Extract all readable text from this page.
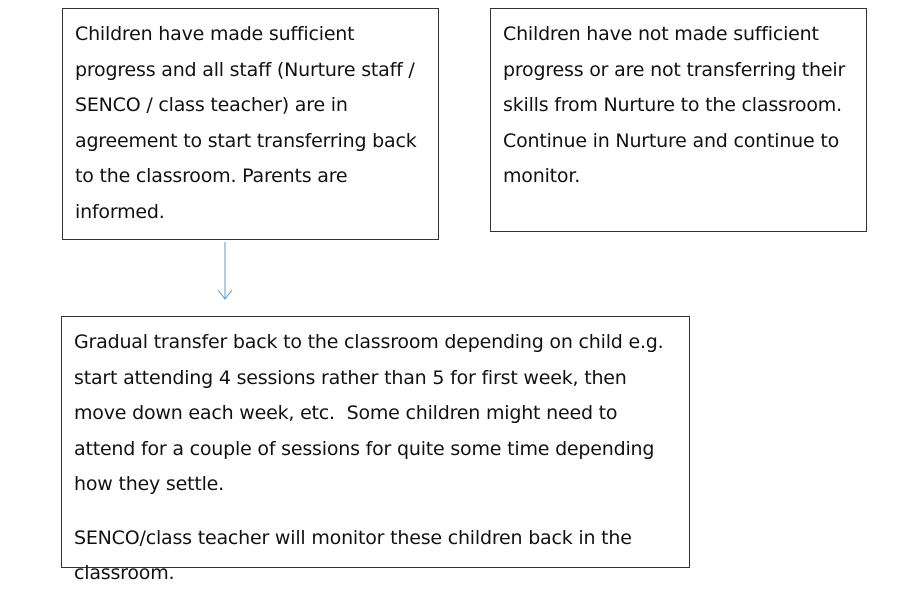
Children have made sufficient progress and all staff (Nurture staff / SENCO / class teacher) are in agreement to start transferring back to the classroom. Parents are informed.

Children have not made sufficient progress or are not transferring their skills from Nurture to the classroom. Continue in Nurture and continue to monitor.

Gradual transfer back to the classroom depending on child e.g. start attending 4 sessions rather than 5 for first week, then move down each week, etc.  Some children might need to attend for a couple of sessions for quite some time depending how they settle.

SENCO/class teacher will monitor these children back in the classroom.
